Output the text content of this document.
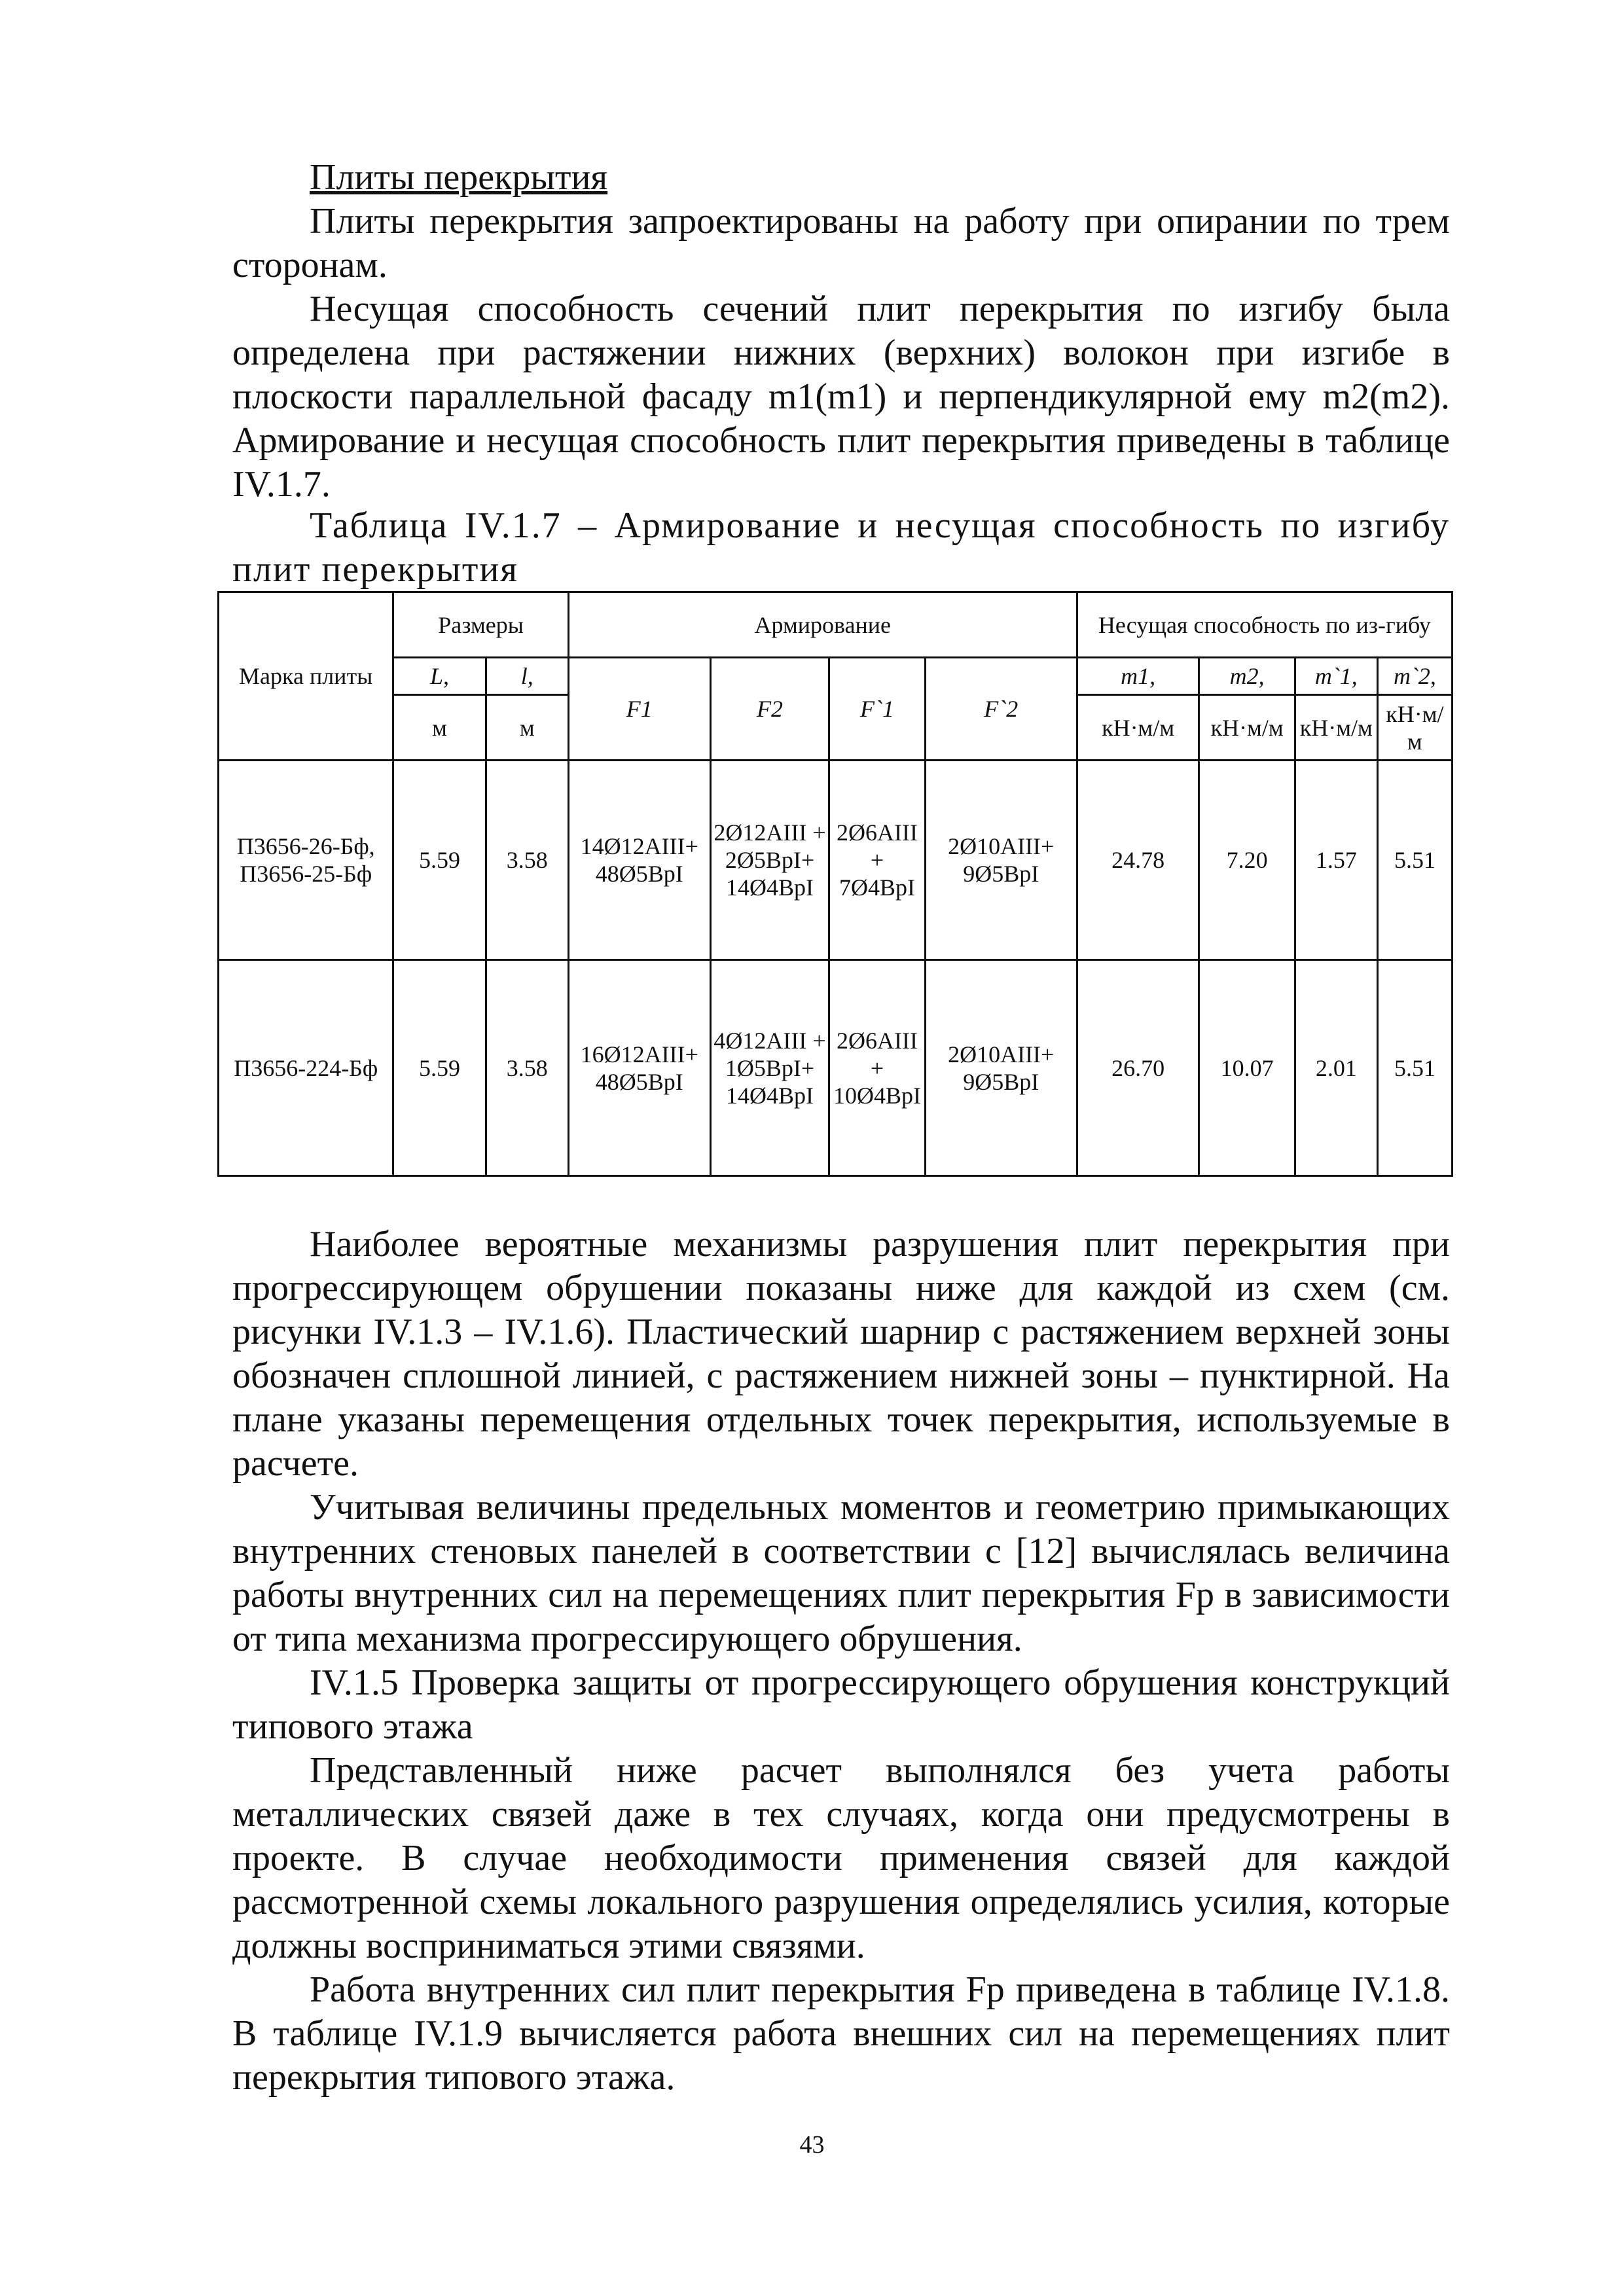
Плиты перекрытия

Плиты перекрытия запроектированы на работу при опирании по трем сторонам.

Несущая способность сечений плит перекрытия по изгибу была определена при растяжении нижних (верхних) волокон при изгибе в плоскости параллельной фасаду m1(m1) и перпендикулярной ему m2(m2). Армирование и несущая способность плит перекрытия приведены в таблице IV.1.7.

Таблица IV.1.7 – Армирование и несущая способность по изгибу плит перекрытия
Марка плиты	Размеры		Армирование				Несущая способность по из-гибу			
	L,	l,	F1	F2	F`1	F`2	m1,	m2,	m`1,	m`2,
	м	м					кН·м/м	кН·м/м	кН·м/м	кН·м/м
П3656-26-Бф, П3656-25-Бф	5.59	3.58	14Ø12AIII+ 48Ø5BpI	2Ø12AIII + 2Ø5BpI+ 14Ø4BpI	2Ø6AIII + 7Ø4BpI	2Ø10AIII+ 9Ø5BpI	24.78	7.20	1.57	5.51
П3656-224-Бф	5.59	3.58	16Ø12AIII+ 48Ø5BpI	4Ø12AIII + 1Ø5BpI+ 14Ø4BpI	2Ø6AIII + 10Ø4BpI	2Ø10AIII+ 9Ø5BpI	26.70	10.07	2.01	5.51

Наиболее вероятные механизмы разрушения плит перекрытия при прогрессирующем обрушении показаны ниже для каждой из схем (см. рисунки IV.1.3 – IV.1.6). Пластический шарнир с растяжением верхней зоны обозначен сплошной линией, с растяжением нижней зоны – пунктирной. На плане указаны перемещения отдельных точек перекрытия, используемые в расчете.

Учитывая величины предельных моментов и геометрию примыкающих внутренних стеновых панелей в соответствии с [12] вычислялась величина работы внутренних сил на перемещениях плит перекрытия Fp в зависимости от типа механизма прогрессирующего обрушения.

IV.1.5 Проверка защиты от прогрессирующего обрушения конструкций типового этажа

Представленный ниже расчет выполнялся без учета работы металлических связей даже в тех случаях, когда они предусмотрены в проекте. В случае необходимости применения связей для каждой рассмотренной схемы локального разрушения определялись усилия, которые должны восприниматься этими связями.

Работа внутренних сил плит перекрытия Fp приведена в таблице IV.1.8. В таблице IV.1.9 вычисляется работа внешних сил на перемещениях плит перекрытия типового этажа.

43
